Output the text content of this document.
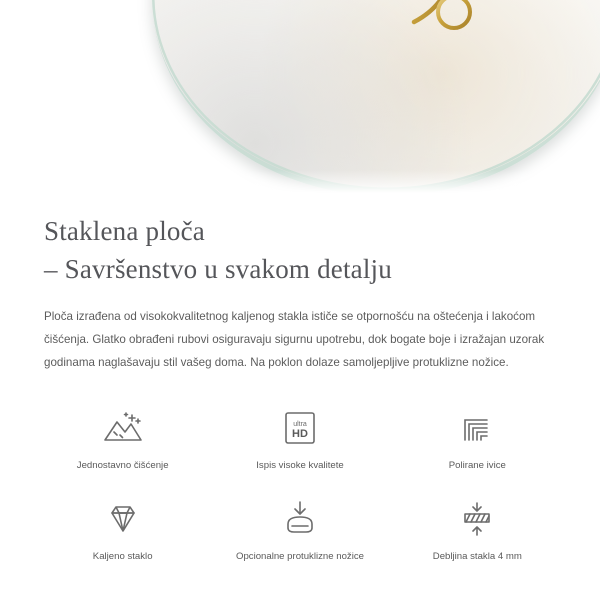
Staklena ploča
– Savršenstvo u svakom detalju

Ploča izrađena od visokokvalitetnog kaljenog stakla ističe se otpornošću na oštećenja i lakoćom čišćenja. Glatko obrađeni rubovi osiguravaju sigurnu upotrebu, dok bogate boje i izražajan uzorak godinama naglašavaju stil vašeg doma. Na poklon dolaze samoljepljive protuklizne nožice.

Jednostavno čišćenje
ultra
HD
Ispis visoke kvalitete	Polirane ivice
Kaljeno staklo	Opcionalne protuklizne nožice	Debljina stakla 4 mm
